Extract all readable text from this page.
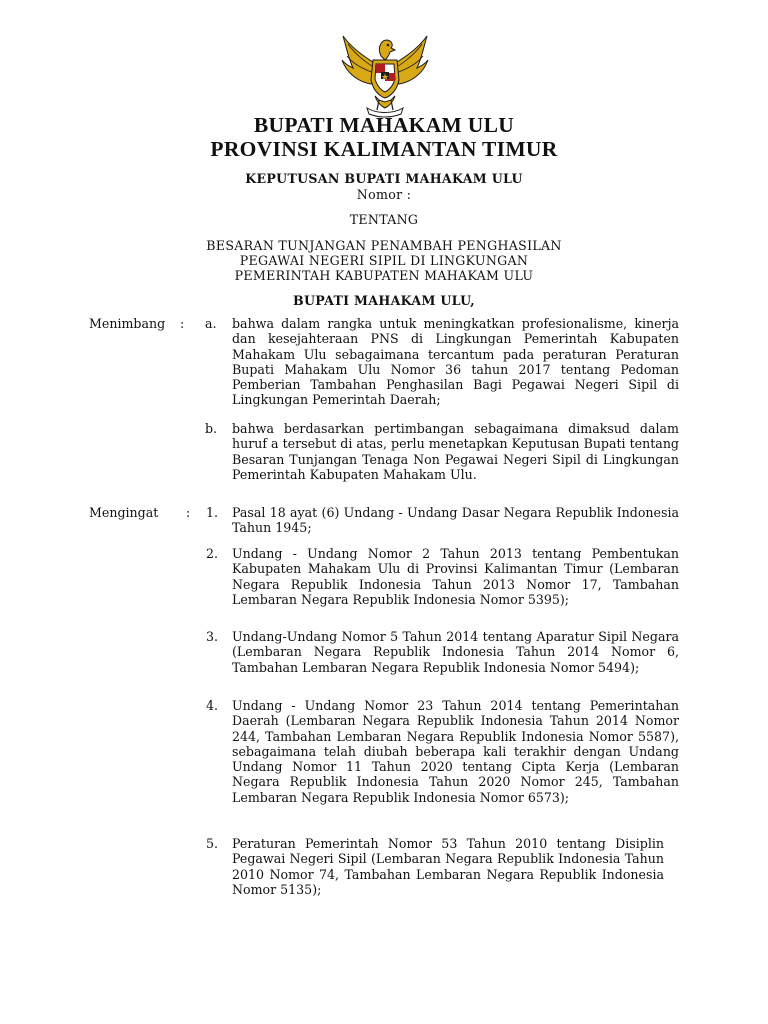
BUPATI MAHAKAM ULU
PROVINSI KALIMANTAN TIMUR
KEPUTUSAN BUPATI MAHAKAM ULU
Nomor :
TENTANG
BESARAN TUNJANGAN PENAMBAH PENGHASILAN
PEGAWAI NEGERI SIPIL DI LINGKUNGAN
PEMERINTAH KABUPATEN MAHAKAM ULU
BUPATI MAHAKAM ULU,
Menimbang : a. bahwa dalam rangka untuk meningkatkan profesionalisme, kinerja dan kesejahteraan PNS di Lingkungan Pemerintah Kabupaten Mahakam Ulu sebagaimana tercantum pada peraturan Peraturan Bupati Mahakam Ulu Nomor 36 tahun 2017 tentang Pedoman Pemberian Tambahan Penghasilan Bagi Pegawai Negeri Sipil di Lingkungan Pemerintah Daerah;
b. bahwa berdasarkan pertimbangan sebagaimana dimaksud dalam huruf a tersebut di atas, perlu menetapkan Keputusan Bupati tentang Besaran Tunjangan Tenaga Non Pegawai Negeri Sipil di Lingkungan Pemerintah Kabupaten Mahakam Ulu.
Mengingat : 1. Pasal 18 ayat (6) Undang - Undang Dasar Negara Republik Indonesia Tahun 1945;
2. Undang - Undang Nomor 2 Tahun 2013 tentang Pembentukan Kabupaten Mahakam Ulu di Provinsi Kalimantan Timur (Lembaran Negara Republik Indonesia Tahun 2013 Nomor 17, Tambahan Lembaran Negara Republik Indonesia Nomor 5395);
3. Undang-Undang Nomor 5 Tahun 2014 tentang Aparatur Sipil Negara (Lembaran Negara Republik Indonesia Tahun 2014 Nomor 6, Tambahan Lembaran Negara Republik Indonesia Nomor 5494);
4. Undang - Undang Nomor 23 Tahun 2014 tentang Pemerintahan Daerah (Lembaran Negara Republik Indonesia Tahun 2014 Nomor 244, Tambahan Lembaran Negara Republik Indonesia Nomor 5587), sebagaimana telah diubah beberapa kali terakhir dengan Undang Undang Nomor 11 Tahun 2020 tentang Cipta Kerja (Lembaran Negara Republik Indonesia Tahun 2020 Nomor 245, Tambahan Lembaran Negara Republik Indonesia Nomor 6573);
5. Peraturan Pemerintah Nomor 53 Tahun 2010 tentang Disiplin Pegawai Negeri Sipil (Lembaran Negara Republik Indonesia Tahun 2010 Nomor 74, Tambahan Lembaran Negara Republik Indonesia Nomor 5135);
